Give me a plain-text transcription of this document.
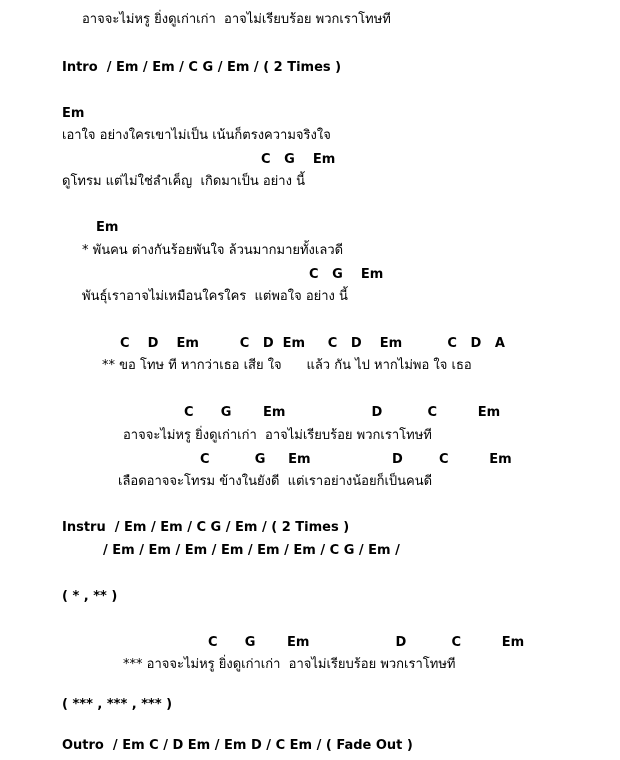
อาจจะไม่หรู ยิ่งดูเก่าเก่า  อาจไม่เรียบร้อย พวกเราโทษที
Intro  / Em / Em / C G / Em / ( 2 Times )
Em
เอาใจ อย่างใครเขาไม่เป็น เน้นก็ตรงความจริงใจ
C   G    Em
ดูโทรม แต่ไม่ใช่ลำเค็ญ  เกิดมาเป็น อย่าง นี้
Em
* พันคน ต่างกันร้อยพันใจ ล้วนมากมายทั้งเลวดี
C   G    Em
พันธุ์เราอาจไม่เหมือนใครใคร  แต่พอใจ อย่าง นี้
C    D    Em         C   D  Em     C   D    Em          C   D   A
** ขอ โทษ ที หากว่าเธอ เสีย ใจ      แล้ว กัน ไป หากไม่พอ ใจ เธอ
C      G       Em                   D          C         Em
อาจจะไม่หรู ยิ่งดูเก่าเก่า  อาจไม่เรียบร้อย พวกเราโทษที
C          G     Em                  D        C         Em
เลือดอาจจะโทรม ข้างในยังดี  แต่เราอย่างน้อยก็เป็นคนดี
Instru  / Em / Em / C G / Em / ( 2 Times )
/ Em / Em / Em / Em / Em / Em / C G / Em /
( * , ** )
C      G       Em                   D          C         Em
*** อาจจะไม่หรู ยิ่งดูเก่าเก่า  อาจไม่เรียบร้อย พวกเราโทษที
( *** , *** , *** )
Outro  / Em C / D Em / Em D / C Em / ( Fade Out )
